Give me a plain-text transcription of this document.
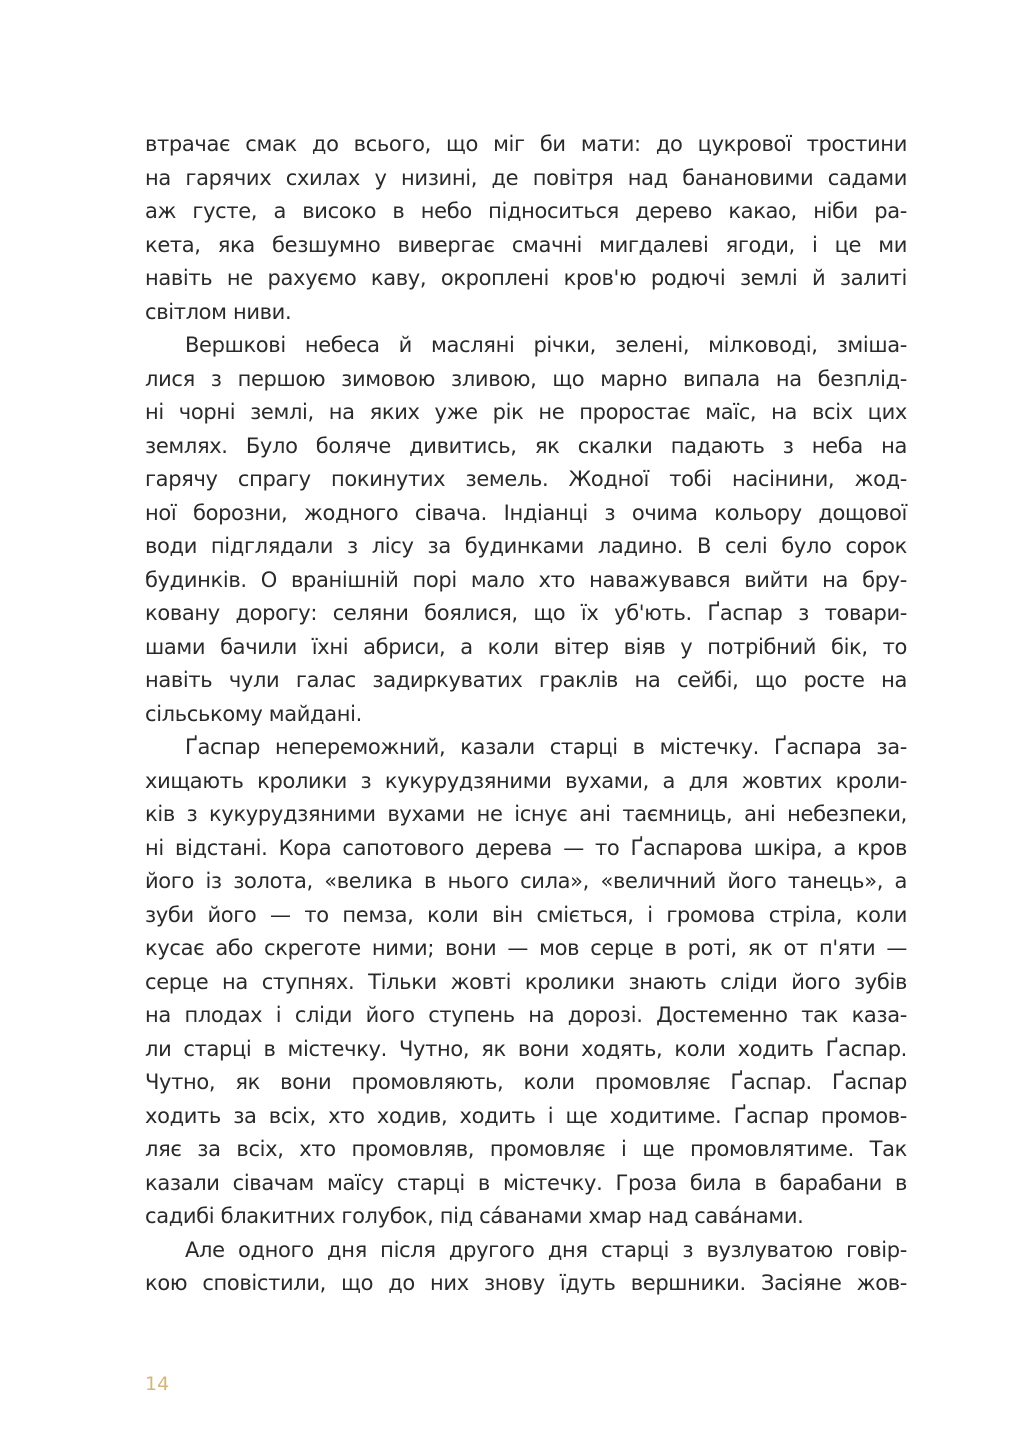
втрачає смак до всього, що міг би мати: до цукрової тростини
на гарячих схилах у низині, де повітря над банановими садами
аж густе, а високо в небо підноситься дерево какао, ніби ра-
кета, яка безшумно вивергає смачні мигдалеві ягоди, і це ми
навіть не рахуємо каву, окроплені кров'ю родючі землі й залиті
світлом ниви.
Вершкові небеса й масляні річки, зелені, мілководі, змiша-
лися з першою зимовою зливою, що марно випала на безплід-
ні чорні землі, на яких уже рік не проростає маїс, на всіх цих
землях. Було боляче дивитись, як скалки падають з неба на
гарячу спрагу покинутих земель. Жодної тобі насінини, жод-
ної борозни, жодного сівача. Індіанці з очима кольору дощової
води підглядали з лісу за будинками ладино. В селі було сорок
будинків. О вранішній порі мало хто наважувався вийти на бру-
ковану дорогу: селяни боялися, що їх уб'ють. Ґаспар з товари-
шами бачили їхні абриси, а коли вітер віяв у потрібний бік, то
навіть чули галас задиркуватих граклів на сейбі, що росте на
сільському майдані.
Ґаспар непереможний, казали старці в містечку. Ґаспара за-
хищають кролики з кукурудзяними вухами, а для жовтих кроли-
ків з кукурудзяними вухами не існує ані таємниць, ані небезпеки,
ні відстані. Кора сапотового дерева — то Ґаспарова шкіра, а кров
його із золота, «велика в нього сила», «величний його танець», а
зуби його — то пемза, коли він сміється, і громова стріла, коли
кусає або скреготе ними; вони — мов серце в роті, як от п'яти —
серце на ступнях. Тільки жовті кролики знають сліди його зубів
на плодах і сліди його ступень на дорозі. Достеменно так каза-
ли старці в містечку. Чутно, як вони ходять, коли ходить Ґаспар.
Чутно, як вони промовляють, коли промовляє Ґаспар. Ґаспар
ходить за всіх, хто ходив, ходить і ще ходитиме. Ґаспар промов-
ляє за всіх, хто промовляв, промовляє і ще промовлятиме. Так
казали сівачам маїсу старці в містечку. Гроза била в барабани в
садибі блакитних голубок, під сáванами хмар над савáнами.
Але одного дня після другого дня старці з вузлуватою говір-
кою сповістили, що до них знову їдуть вершники. Засіяне жов-
14
